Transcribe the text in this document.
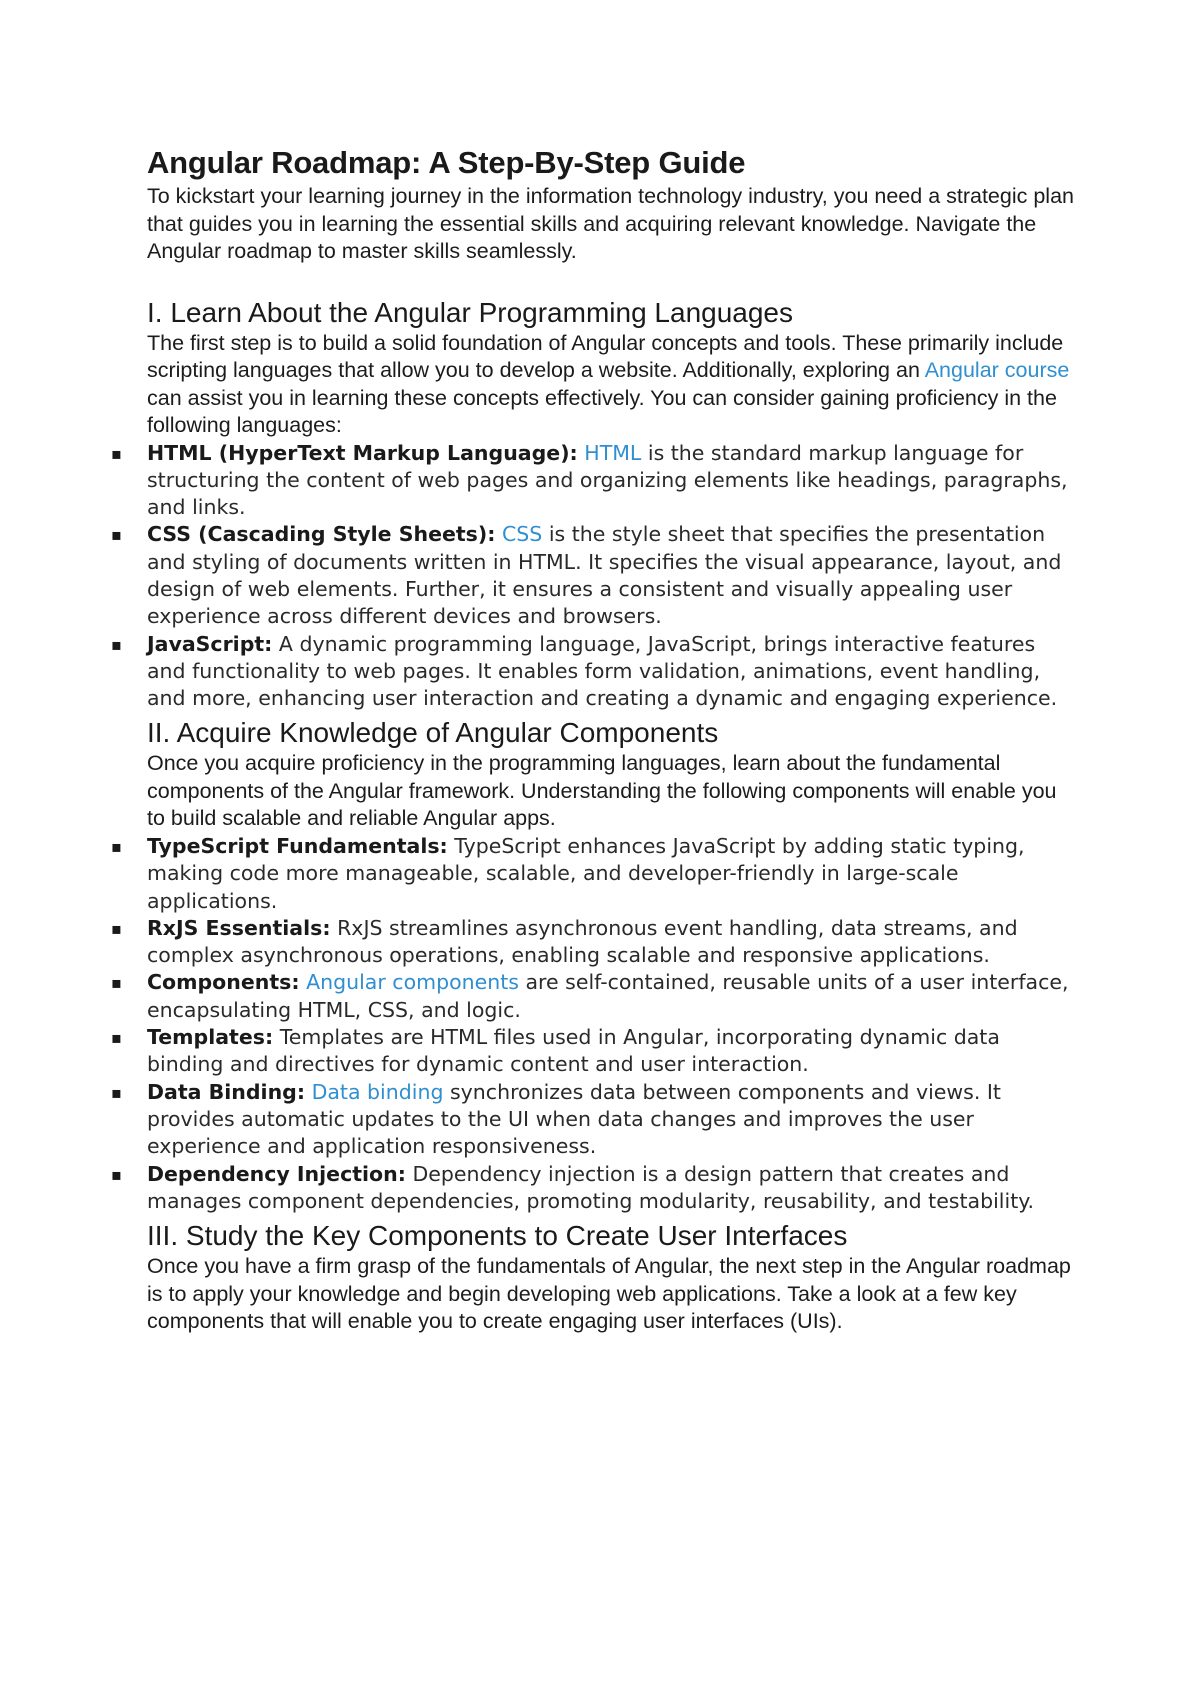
Angular Roadmap: A Step-By-Step Guide

To kickstart your learning journey in the information technology industry, you need a strategic plan that guides you in learning the essential skills and acquiring relevant knowledge. Navigate the Angular roadmap to master skills seamlessly.

I. Learn About the Angular Programming Languages

The first step is to build a solid foundation of Angular concepts and tools. These primarily include scripting languages that allow you to develop a website. Additionally, exploring an Angular course can assist you in learning these concepts effectively. You can consider gaining proficiency in the following languages:

▪ HTML (HyperText Markup Language): HTML is the standard markup language for structuring the content of web pages and organizing elements like headings, paragraphs, and links.
▪ CSS (Cascading Style Sheets): CSS is the style sheet that specifies the presentation and styling of documents written in HTML. It specifies the visual appearance, layout, and design of web elements. Further, it ensures a consistent and visually appealing user experience across different devices and browsers.
▪ JavaScript: A dynamic programming language, JavaScript, brings interactive features and functionality to web pages. It enables form validation, animations, event handling, and more, enhancing user interaction and creating a dynamic and engaging experience.
II. Acquire Knowledge of Angular Components

Once you acquire proficiency in the programming languages, learn about the fundamental components of the Angular framework. Understanding the following components will enable you to build scalable and reliable Angular apps.

▪ TypeScript Fundamentals: TypeScript enhances JavaScript by adding static typing, making code more manageable, scalable, and developer-friendly in large-scale applications.
▪ RxJS Essentials: RxJS streamlines asynchronous event handling, data streams, and complex asynchronous operations, enabling scalable and responsive applications.
▪ Components: Angular components are self-contained, reusable units of a user interface, encapsulating HTML, CSS, and logic.
▪ Templates: Templates are HTML files used in Angular, incorporating dynamic data binding and directives for dynamic content and user interaction.
▪ Data Binding: Data binding synchronizes data between components and views. It provides automatic updates to the UI when data changes and improves the user experience and application responsiveness.
▪ Dependency Injection: Dependency injection is a design pattern that creates and manages component dependencies, promoting modularity, reusability, and testability.
III. Study the Key Components to Create User Interfaces

Once you have a firm grasp of the fundamentals of Angular, the next step in the Angular roadmap is to apply your knowledge and begin developing web applications. Take a look at a few key components that will enable you to create engaging user interfaces (UIs).
